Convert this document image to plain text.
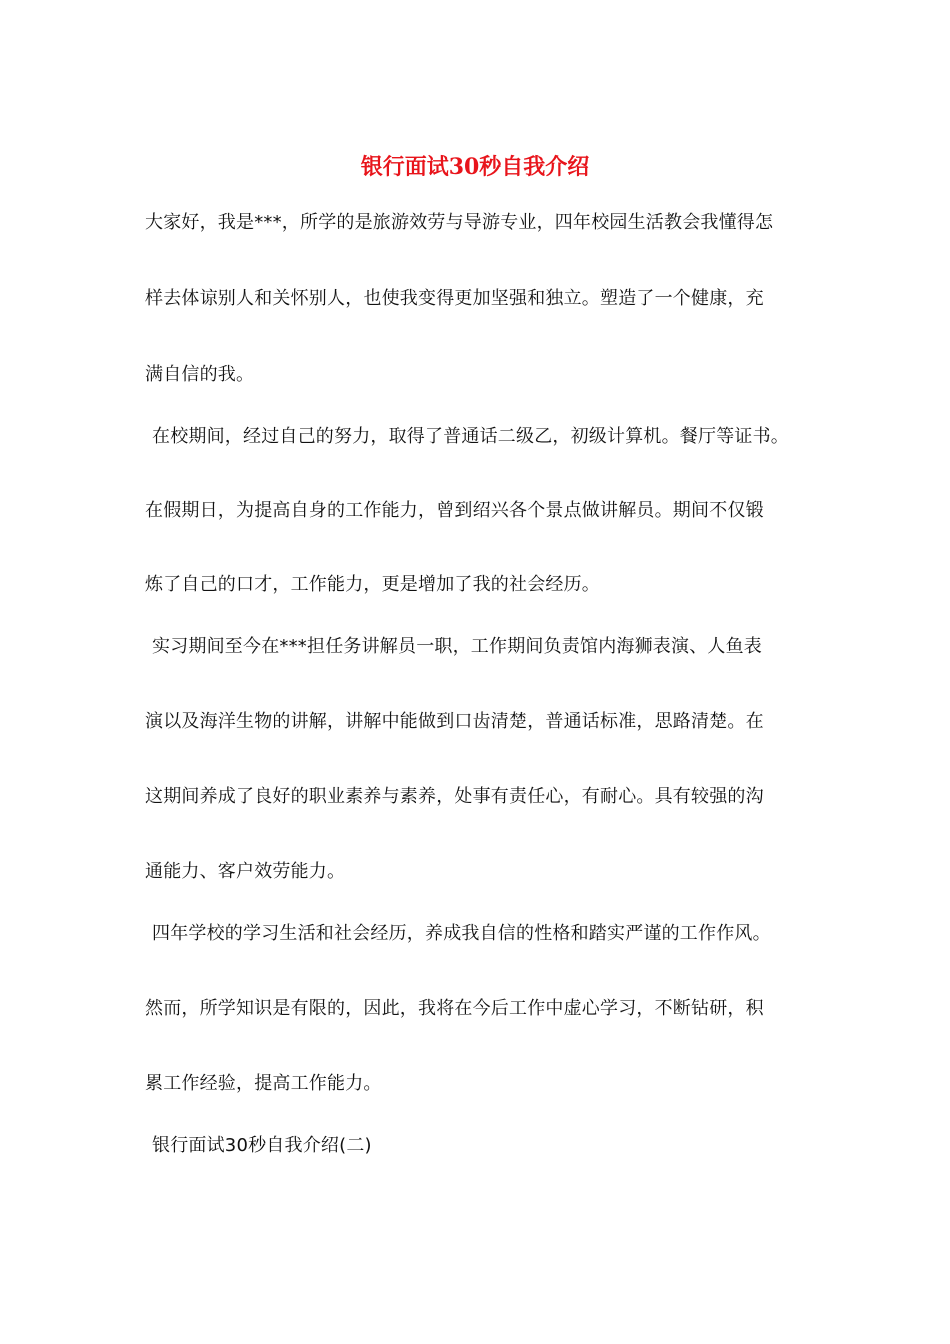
银行面试30秒自我介绍

大家好，我是***，所学的是旅游效劳与导游专业，四年校园生活教会我懂得怎

样去体谅别人和关怀别人，也使我变得更加坚强和独立。塑造了一个健康，充

满自信的我。

在校期间，经过自己的努力，取得了普通话二级乙，初级计算机。餐厅等证书。

在假期日，为提高自身的工作能力，曾到绍兴各个景点做讲解员。期间不仅锻

炼了自己的口才，工作能力，更是增加了我的社会经历。

实习期间至今在***担任务讲解员一职，工作期间负责馆内海狮表演、人鱼表

演以及海洋生物的讲解，讲解中能做到口齿清楚，普通话标准，思路清楚。在

这期间养成了良好的职业素养与素养，处事有责任心，有耐心。具有较强的沟

通能力、客户效劳能力。

四年学校的学习生活和社会经历，养成我自信的性格和踏实严谨的工作作风。

然而，所学知识是有限的，因此，我将在今后工作中虚心学习，不断钻研，积

累工作经验，提高工作能力。

银行面试30秒自我介绍(二)
